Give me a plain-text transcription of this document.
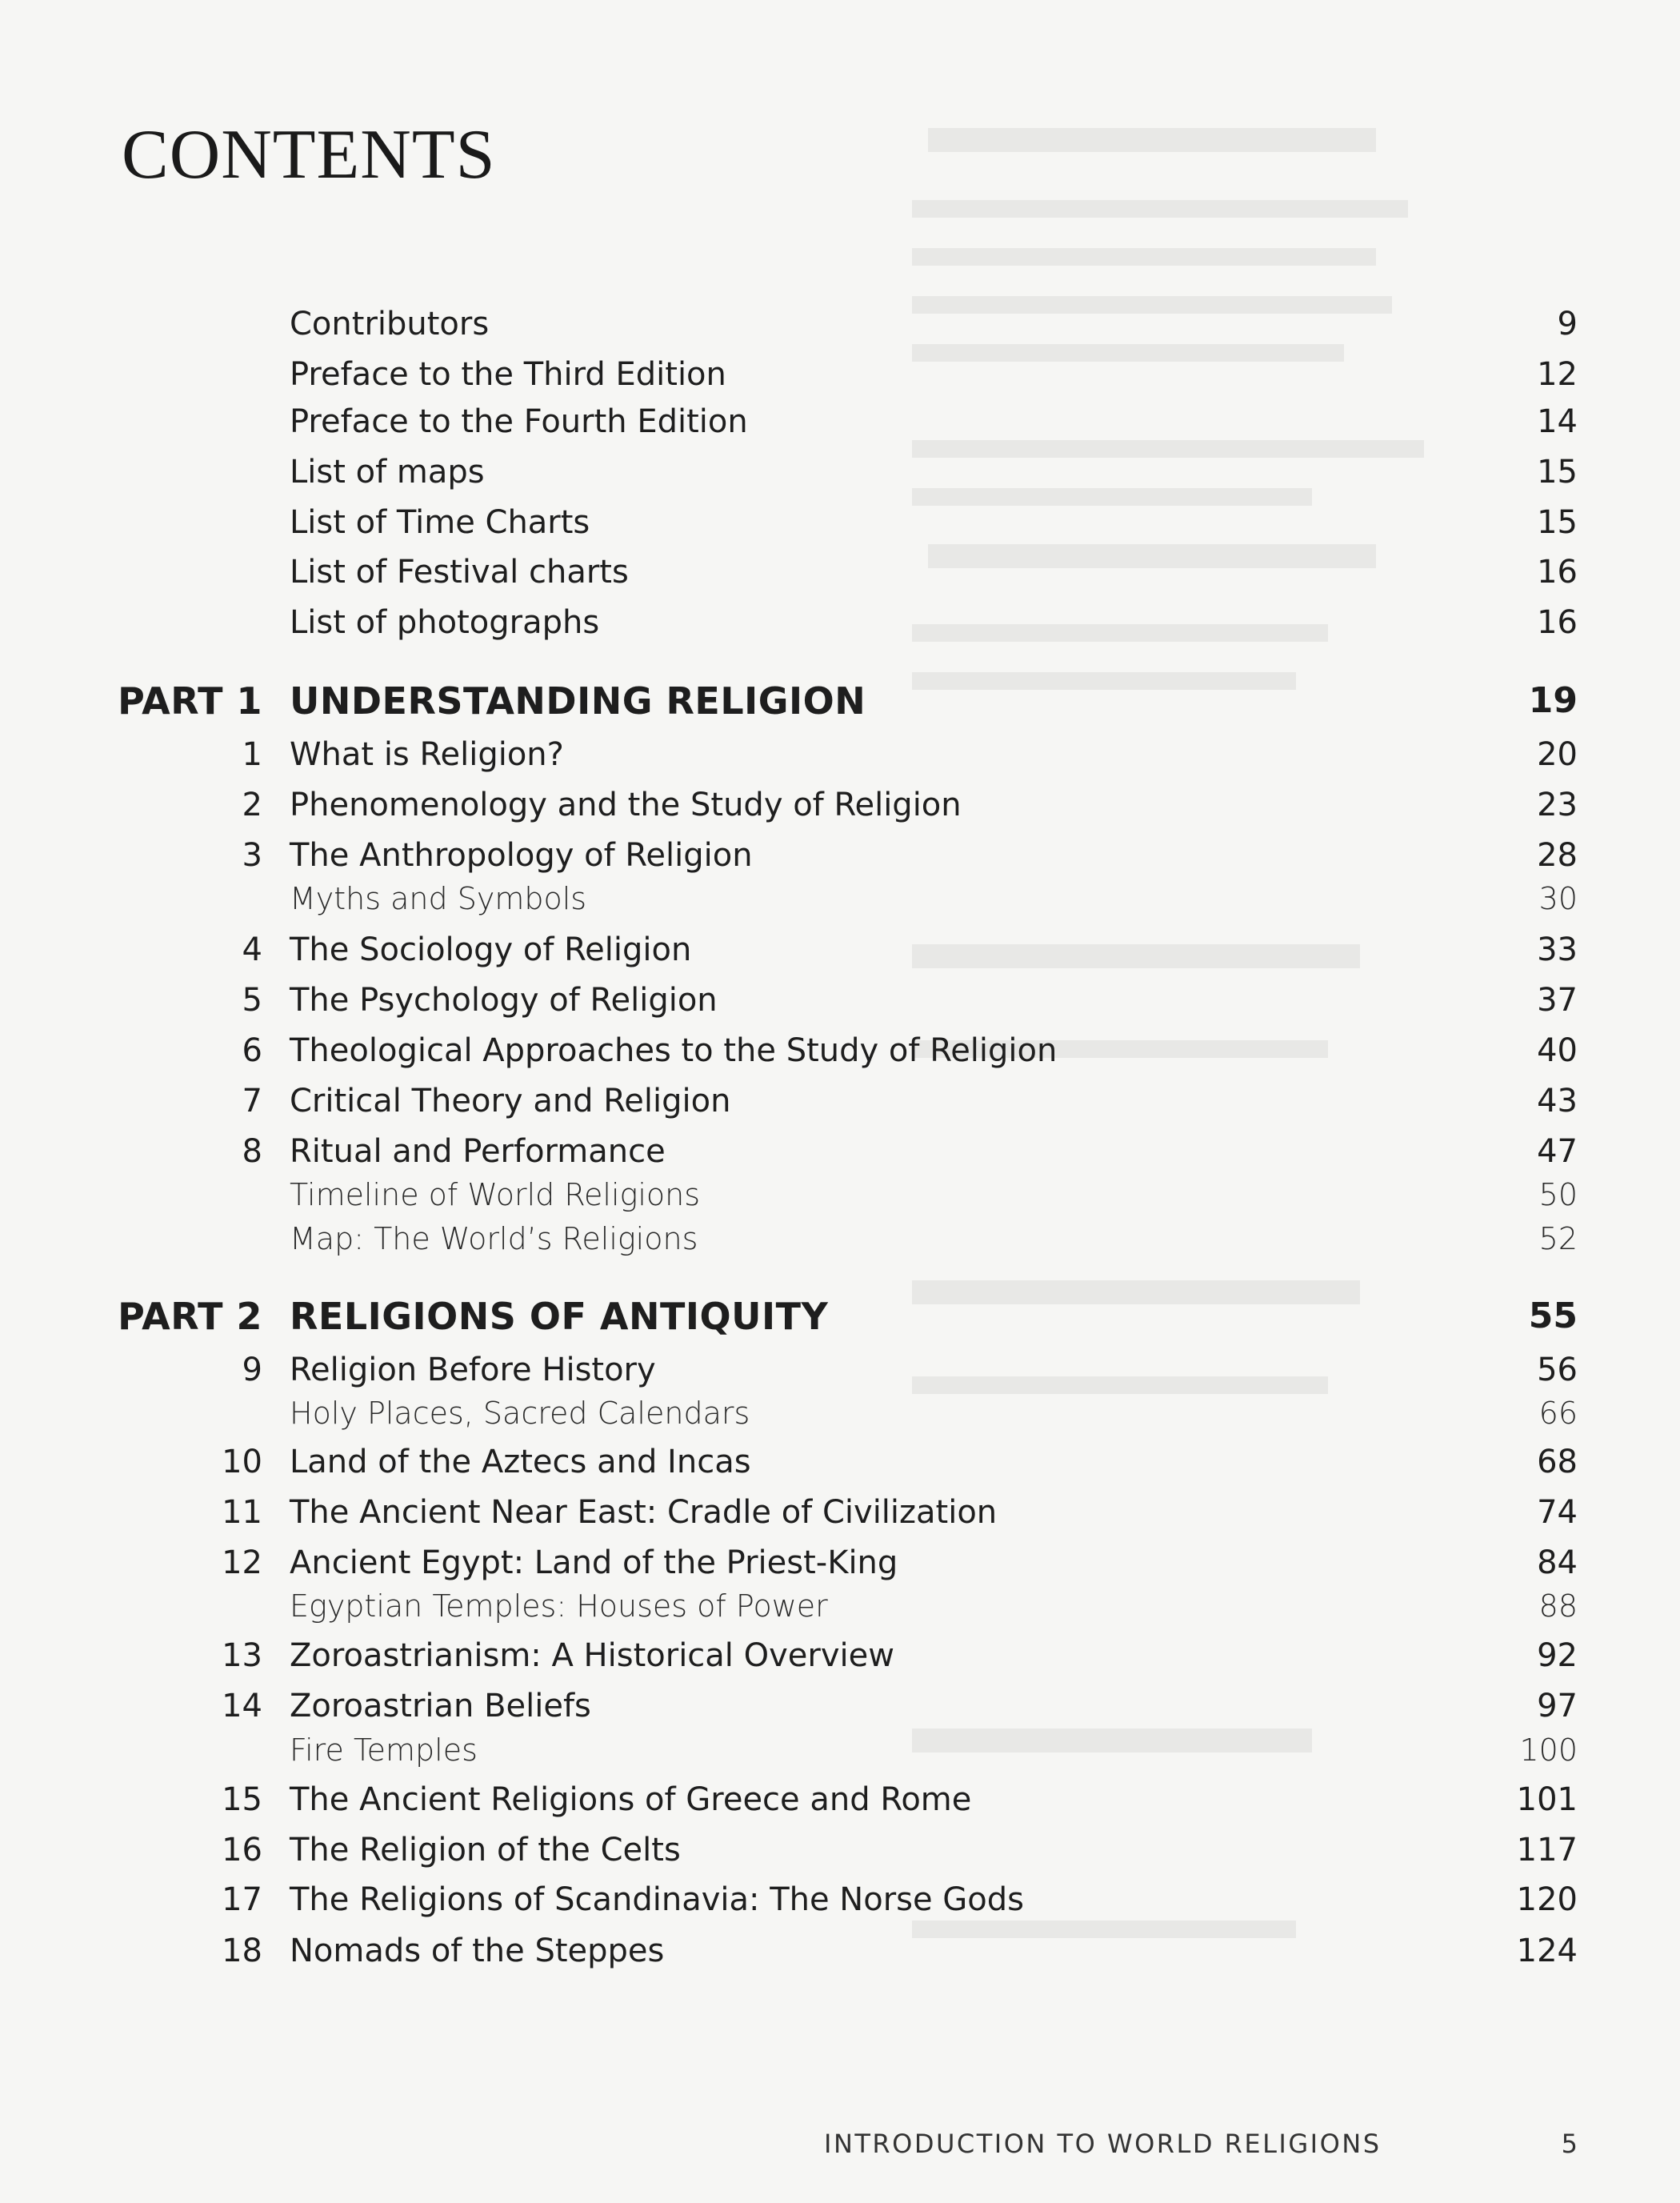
CONTENTS
Contributors	9
Preface to the Third Edition	12
Preface to the Fourth Edition	14
List of maps	15
List of Time Charts	15
List of Festival charts	16
List of photographs	16
PART 1 UNDERSTANDING RELIGION	19
1 What is Religion?	20
2 Phenomenology and the Study of Religion	23
3 The Anthropology of Religion	28
Myths and Symbols	30
4 The Sociology of Religion	33
5 The Psychology of Religion	37
6 Theological Approaches to the Study of Religion	40
7 Critical Theory and Religion	43
8 Ritual and Performance	47
Timeline of World Religions	50
Map: The World’s Religions	52
PART 2 RELIGIONS OF ANTIQUITY	55
9 Religion Before History	56
Holy Places, Sacred Calendars	66
10 Land of the Aztecs and Incas	68
11 The Ancient Near East: Cradle of Civilization	74
12 Ancient Egypt: Land of the Priest-King	84
Egyptian Temples: Houses of Power	88
13 Zoroastrianism: A Historical Overview	92
14 Zoroastrian Beliefs	97
Fire Temples	100
15 The Ancient Religions of Greece and Rome	101
16 The Religion of the Celts	117
17 The Religions of Scandinavia: The Norse Gods	120
18 Nomads of the Steppes	124
INTRODUCTION TO WORLD RELIGIONS	5
